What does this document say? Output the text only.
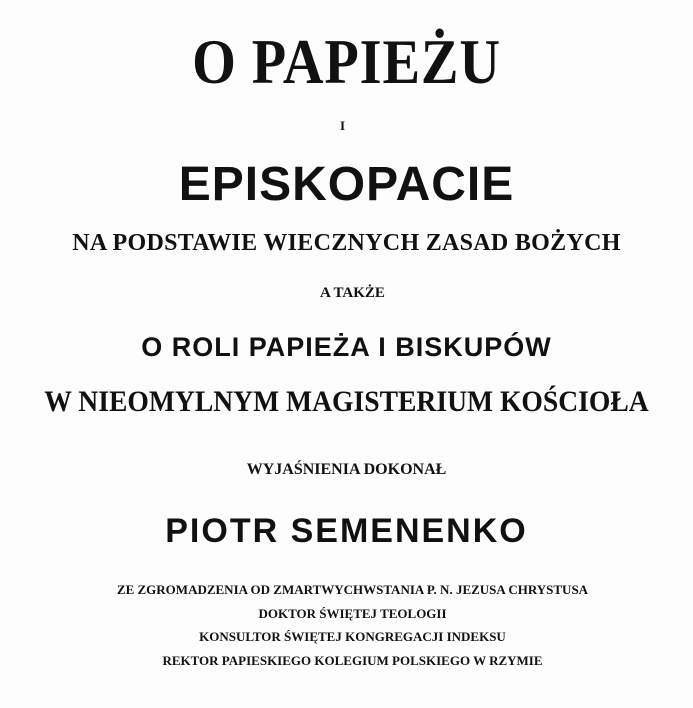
O PAPIEŻU
I
EPISKOPACIE
NA PODSTAWIE WIECZNYCH ZASAD BOŻYCH
A TAKŻE
O ROLI PAPIEŻA I BISKUPÓW
W NIEOMYLNYM MAGISTERIUM KOŚCIOŁA
WYJAŚNIENIA DOKONAŁ
PIOTR SEMENENKO
ZE ZGROMADZENIA OD ZMARTWYCHWSTANIA P. N. JEZUSA CHRYSTUSA
DOKTOR ŚWIĘTEJ TEOLOGII
KONSULTOR ŚWIĘTEJ KONGREGACJI INDEKSU
REKTOR PAPIESKIEGO KOLEGIUM POLSKIEGO W RZYMIE
